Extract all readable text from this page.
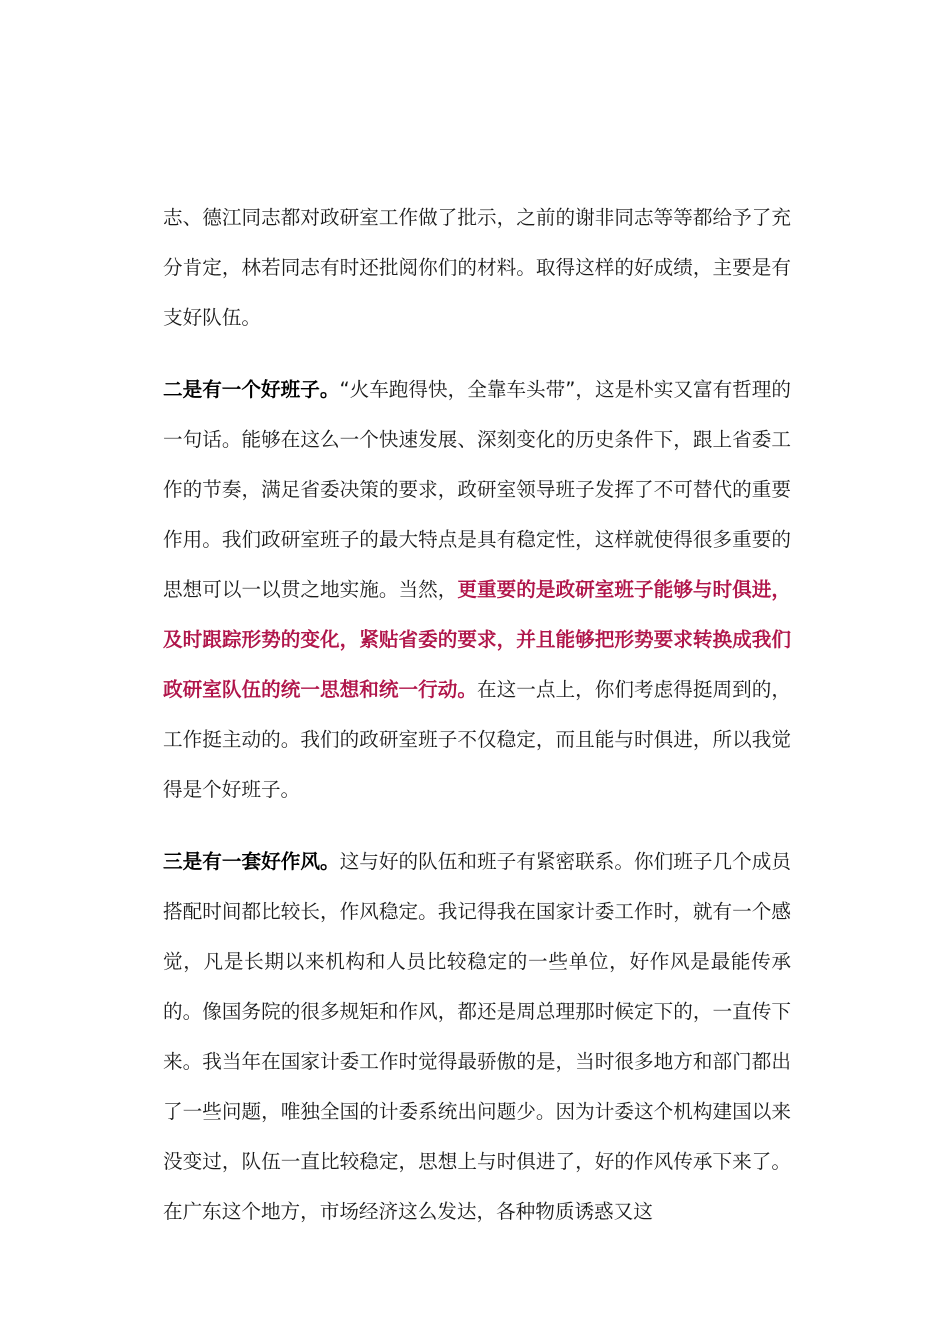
志、德江同志都对政研室工作做了批示，之前的谢非同志等等都给予了充分肯定，林若同志有时还批阅你们的材料。取得这样的好成绩，主要是有支好队伍。

二是有一个好班子。“火车跑得快，全靠车头带”，这是朴实又富有哲理的一句话。能够在这么一个快速发展、深刻变化的历史条件下，跟上省委工作的节奏，满足省委决策的要求，政研室领导班子发挥了不可替代的重要作用。我们政研室班子的最大特点是具有稳定性，这样就使得很多重要的思想可以一以贯之地实施。当然，更重要的是政研室班子能够与时俱进，及时跟踪形势的变化，紧贴省委的要求，并且能够把形势要求转换成我们政研室队伍的统一思想和统一行动。在这一点上，你们考虑得挺周到的，工作挺主动的。我们的政研室班子不仅稳定，而且能与时俱进，所以我觉得是个好班子。

三是有一套好作风。这与好的队伍和班子有紧密联系。你们班子几个成员搭配时间都比较长，作风稳定。我记得我在国家计委工作时，就有一个感觉，凡是长期以来机构和人员比较稳定的一些单位，好作风是最能传承的。像国务院的很多规矩和作风，都还是周总理那时候定下的，一直传下来。我当年在国家计委工作时觉得最骄傲的是，当时很多地方和部门都出了一些问题，唯独全国的计委系统出问题少。因为计委这个机构建国以来没变过，队伍一直比较稳定，思想上与时俱进了，好的作风传承下来了。在广东这个地方，市场经济这么发达，各种物质诱惑又这
